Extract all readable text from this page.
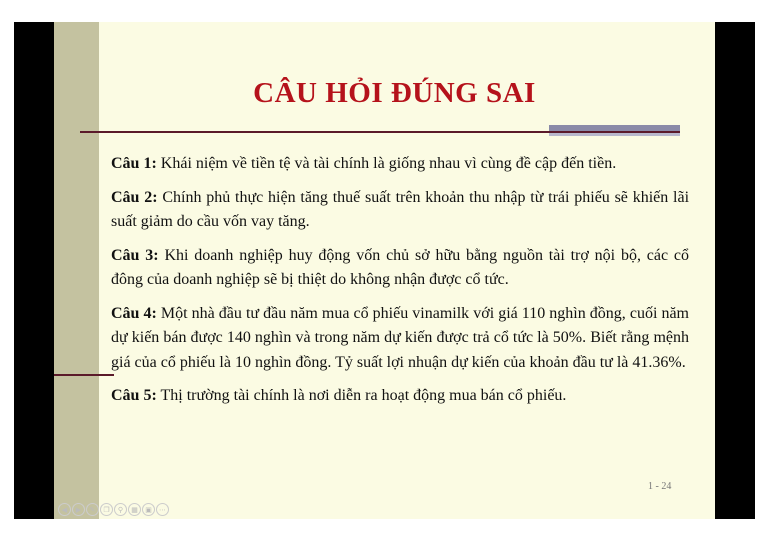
CÂU HỎI ĐÚNG SAI

Câu 1: Khái niệm về tiền tệ và tài chính là giống nhau vì cùng đề cập đến tiền.

Câu 2: Chính phủ thực hiện tăng thuế suất trên khoản thu nhập từ trái phiếu sẽ khiến lãi suất giảm do cầu vốn vay tăng.

Câu 3: Khi doanh nghiệp huy động vốn chủ sở hữu bằng nguồn tài trợ nội bộ, các cổ đông của doanh nghiệp sẽ bị thiệt do không nhận được cổ tức.

Câu 4: Một nhà đầu tư đầu năm mua cổ phiếu vinamilk với giá 110 nghìn đồng, cuối năm dự kiến bán được 140 nghìn và trong năm dự kiến được trả cổ tức là 50%. Biết rằng mệnh giá của cổ phiếu là 10 nghìn đồng. Tỷ suất lợi nhuận dự kiến của khoản đầu tư là 41.36%.

Câu 5: Thị trường tài chính là nơi diễn ra hoạt động mua bán cổ phiếu.

1 - 24
◀	▶	✎	❐	⚲	▦	▣	⋯
